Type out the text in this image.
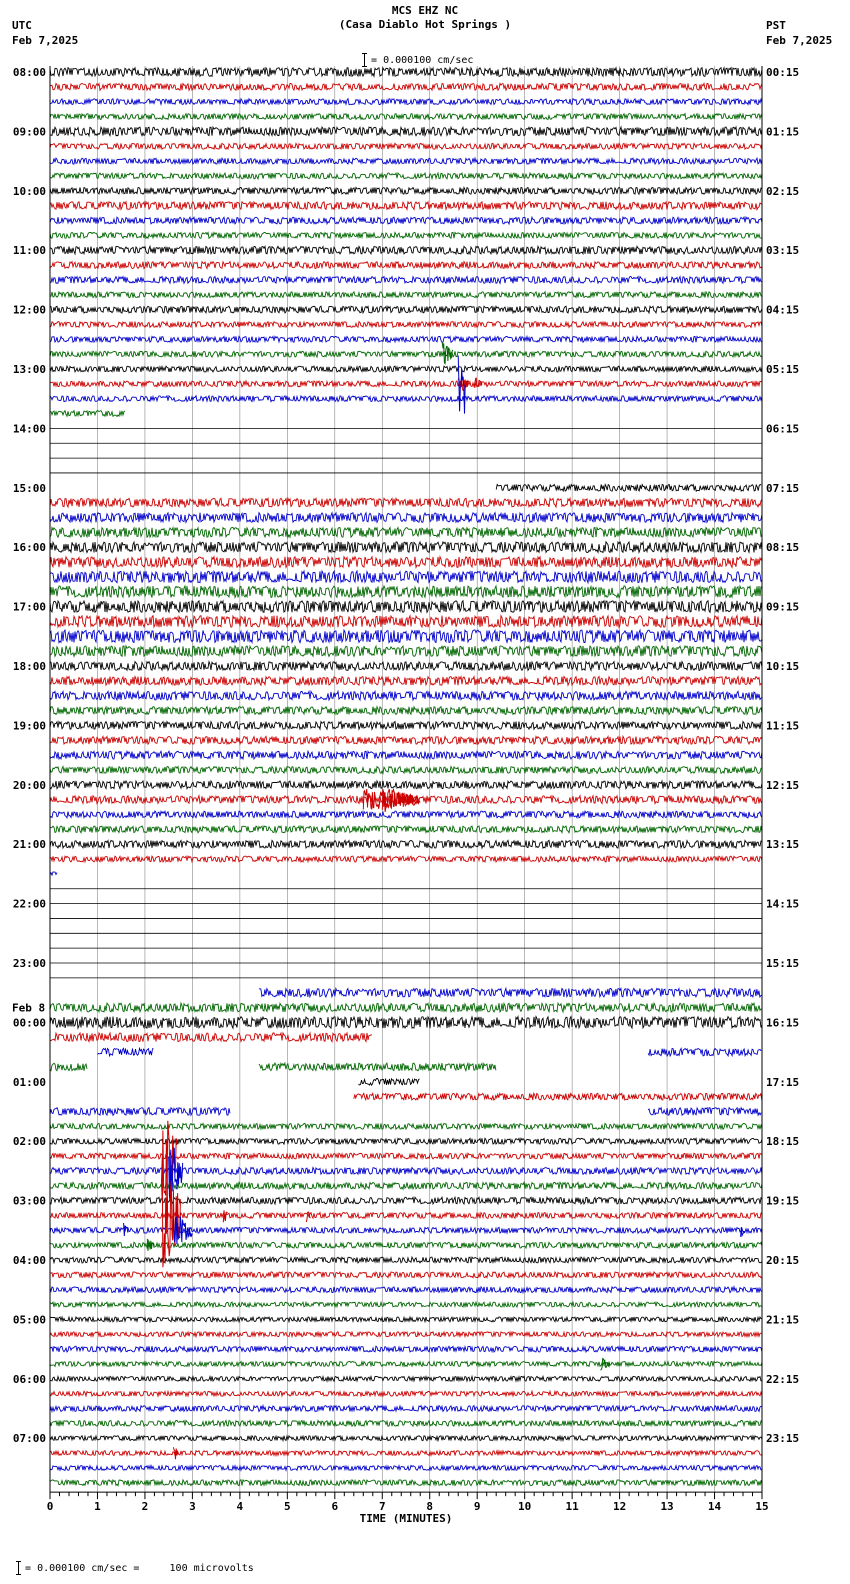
MCS EHZ NC
(Casa Diablo Hot Springs )

= 0.000100 cm/sec

UTC
Feb 7,2025
PST
Feb 7,2025
0	1	2	3	4	5	6	7	8	9	10	11	12	13	14	15
TIME (MINUTES)
08:00
09:00
10:00
11:00
12:00
13:00
14:00
15:00
16:00
17:00
18:00
19:00
20:00
21:00
22:00
23:00
00:00
01:00
02:00
03:00
04:00
05:00
06:00
07:00
00:15
01:15
02:15
03:15
04:15
05:15
06:15
07:15
08:15
09:15
10:15
11:15
12:15
13:15
14:15
15:15
16:15
17:15
18:15
19:15
20:15
21:15
22:15
23:15
Feb 8

= 0.000100 cm/sec =     100 microvolts
